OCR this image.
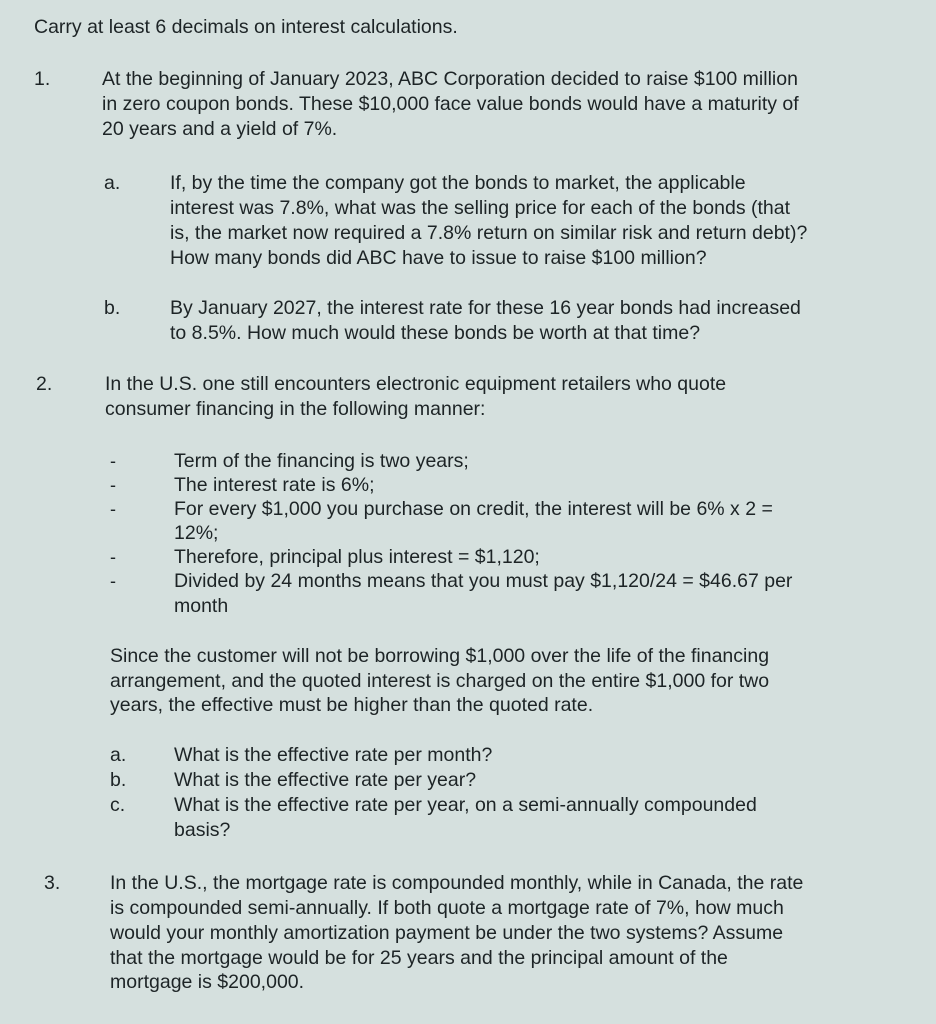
Carry at least 6 decimals on interest calculations.
1.	At the beginning of January 2023, ABC Corporation decided to raise $100 million
in zero coupon bonds. These $10,000 face value bonds would have a maturity of
20 years and a yield of 7%.
a.	If, by the time the company got the bonds to market, the applicable
interest was 7.8%, what was the selling price for each of the bonds (that
is, the market now required a 7.8% return on similar risk and return debt)?
How many bonds did ABC have to issue to raise $100 million?
b.	By January 2027, the interest rate for these 16 year bonds had increased
to 8.5%. How much would these bonds be worth at that time?
2.	In the U.S. one still encounters electronic equipment retailers who quote
consumer financing in the following manner:
-	Term of the financing is two years;
-	The interest rate is 6%;
-	For every $1,000 you purchase on credit, the interest will be 6% x 2 =
12%;
-	Therefore, principal plus interest = $1,120;
-	Divided by 24 months means that you must pay $1,120/24 = $46.67 per
month
Since the customer will not be borrowing $1,000 over the life of the financing
arrangement, and the quoted interest is charged on the entire $1,000 for two
years, the effective must be higher than the quoted rate.
a. What is the effective rate per month?
b. What is the effective rate per year?
c.	What is the effective rate per year, on a semi-annually compounded
basis?
3.	In the U.S., the mortgage rate is compounded monthly, while in Canada, the rate
is compounded semi-annually. If both quote a mortgage rate of 7%, how much
would your monthly amortization payment be under the two systems? Assume
that the mortgage would be for 25 years and the principal amount of the
mortgage is $200,000.
